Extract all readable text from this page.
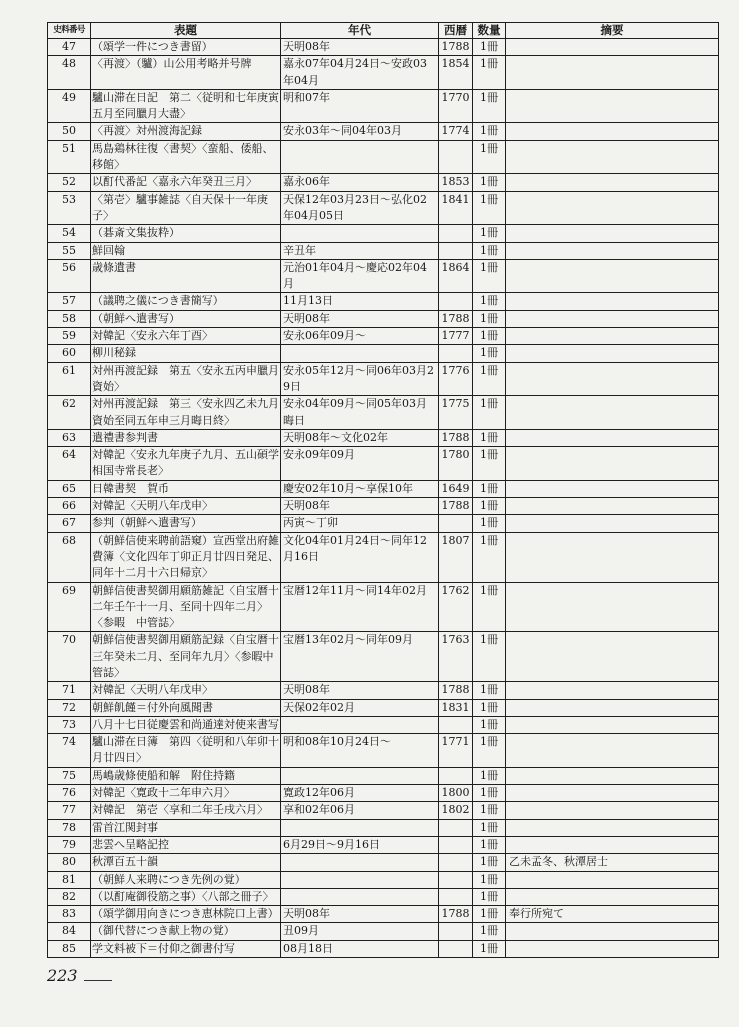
史料番号	表題	年代	西暦	数量	摘要
47	（頌学一件につき書留）	天明08年	1788	1冊	
48	〈再渡〉（驢）山公用考略并号牌	嘉永07年04月24日～安政03年04月	1854	1冊	
49	驢山滞在日記　第二〈従明和七年庚寅五月至同臘月大盡〉	明和07年	1770	1冊	
50	〈再渡〉対州渡海記録	安永03年～同04年03月	1774	1冊	
51	馬島鶏林往復〈書契〉〈蛮船、倭船、移館〉			1冊	
52	以酊代番記〈嘉永六年癸丑三月〉	嘉永06年	1853	1冊	
53	〈第壱〉驢事雑誌〈自天保十一年庚子〉	天保12年03月23日～弘化02年04月05日	1841	1冊	
54	（碁斎文集抜粋）			1冊	
55	鮮回翰	辛丑年		1冊	
56	歳條遺書	元治01年04月～慶応02年04月	1864	1冊	
57	（議聘之儀につき書簡写）	11月13日		1冊	
58	（朝鮮へ遣書写）	天明08年	1788	1冊	
59	対韓記〈安永六年丁酉〉	安永06年09月～	1777	1冊	
60	柳川秘録			1冊	
61	対州再渡記録　第五〈安永五丙申臘月資始〉	安永05年12月～同06年03月29日	1776	1冊	
62	対州再渡記録　第三〈安永四乙未九月資始至同五年申三月晦日終〉	安永04年09月～同05年03月晦日	1775	1冊	
63	遣禮書参判書	天明08年～文化02年	1788	1冊	
64	対韓記〈安永九年庚子九月、五山碩学相国寺常長老〉	安永09年09月	1780	1冊	
65	日韓書契　賀币	慶安02年10月～享保10年	1649	1冊	
66	対韓記〈天明八年戊申〉	天明08年	1788	1冊	
67	参判（朝鮮へ遣書写）	丙寅～丁卯		1冊	
68	（朝鮮信使来聘前語窺）宣西堂出府雑費簿〈文化四年丁卯正月廿四日発足、同年十二月十六日帰京〉	文化04年01月24日～同年12月16日	1807	1冊	
69	朝鮮信使書契御用願筋雑記〈自宝暦十二年壬午十一月、至同十四年二月〉〈参暇　中管誌〉	宝暦12年11月～同14年02月	1762	1冊	
70	朝鮮信使書契御用願筋記録〈自宝暦十三年癸未二月、至同年九月〉〈参暇中管誌〉	宝暦13年02月～同年09月	1763	1冊	
71	対韓記〈天明八年戊申〉	天明08年	1788	1冊	
72	朝鮮飢饉＝付外向風聞書	天保02年02月	1831	1冊	
73	八月十七日従慶雲和尚通達対使来書写			1冊	
74	驢山滞在日簿　第四〈従明和八年卯十月廿四日〉	明和08年10月24日～	1771	1冊	
75	馬嶋歳條使船和解　附住持籍			1冊	
76	対韓記〈寛政十二年申六月〉	寛政12年06月	1800	1冊	
77	対韓記　第壱〈享和二年壬戌六月〉	享和02年06月	1802	1冊	
78	雷首江関封事			1冊	
79	悲雲へ呈略記控	6月29日～9月16日		1冊	
80	秋潭百五十韻			1冊	乙未孟冬、秋潭居士
81	（朝鮮人来聘につき先例の覚）			1冊	
82	（以酊庵御役筋之事）〈八部之冊子〉			1冊	
83	（頌学御用向きにつき恵林院口上書）	天明08年	1788	1冊	奉行所宛て
84	（御代替につき献上物の覚）	丑09月		1冊	
85	学文料被下＝付仰之御書付写	08月18日		1冊	
223
